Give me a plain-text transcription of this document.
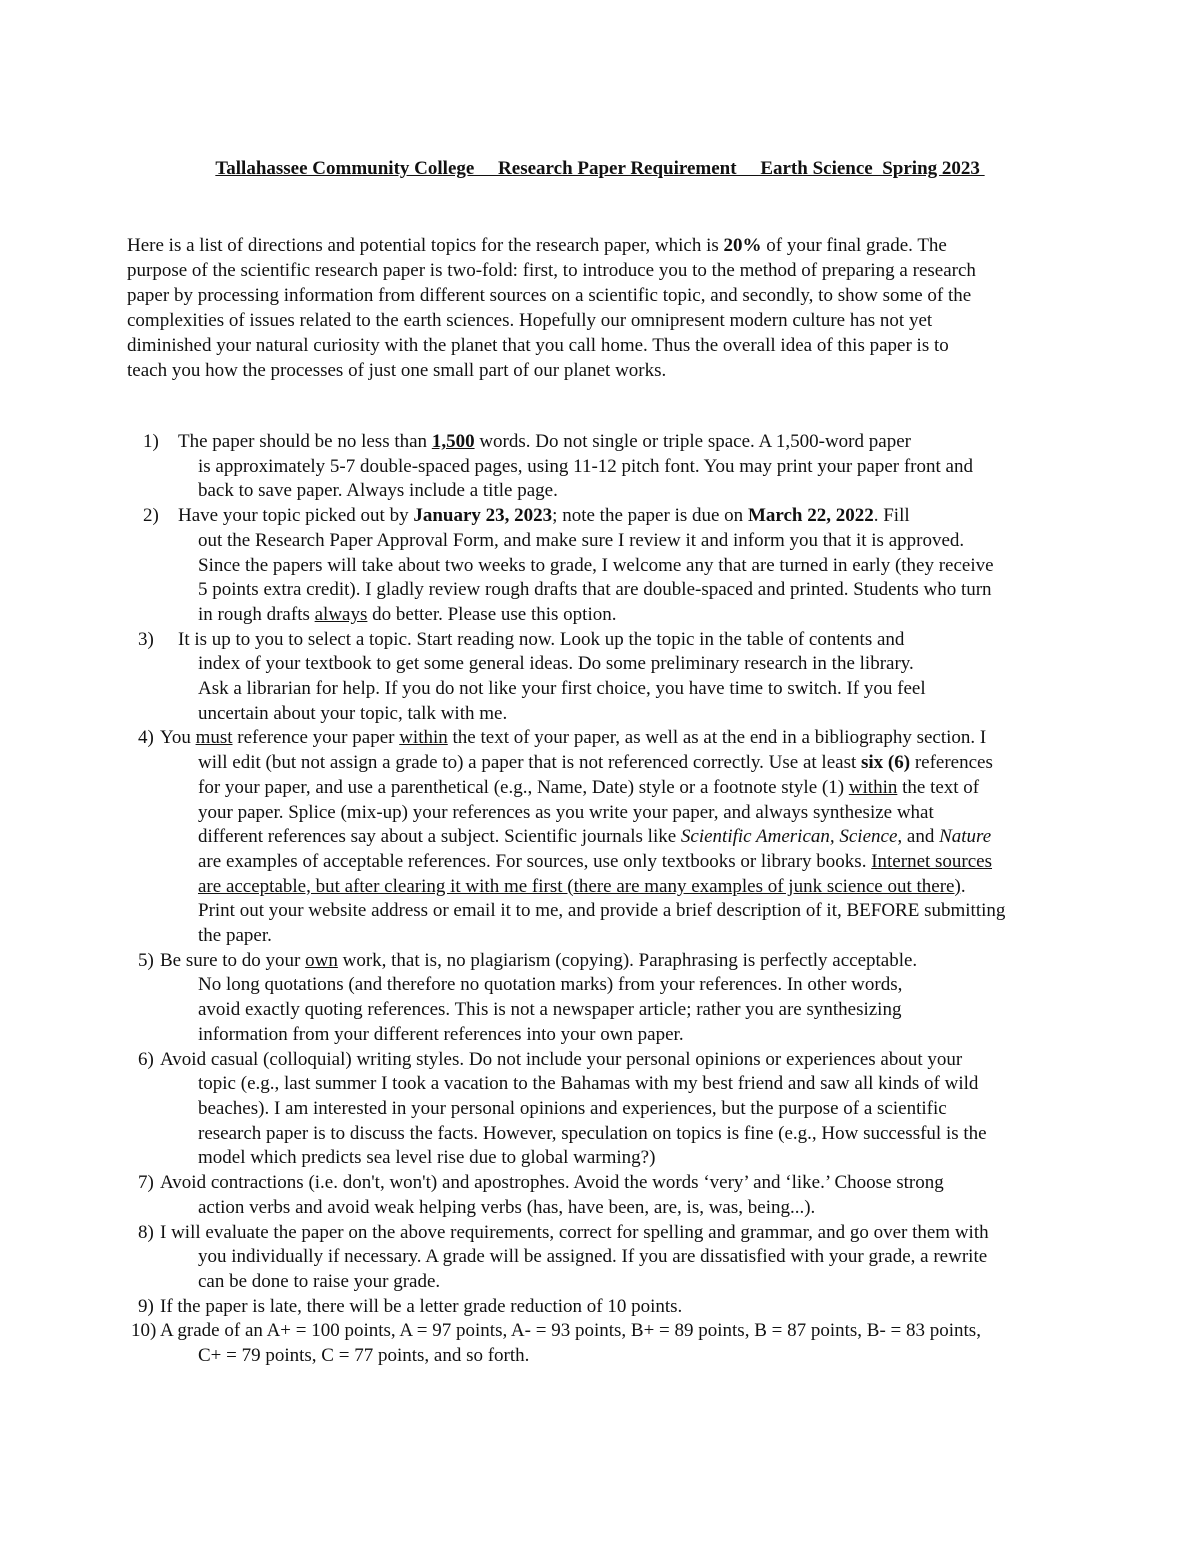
Tallahassee Community College     Research Paper Requirement     Earth Science  Spring 2023
Here is a list of directions and potential topics for the research paper, which is 20% of your final grade. The
purpose of the scientific research paper is two-fold: first, to introduce you to the method of preparing a research
paper by processing information from different sources on a scientific topic, and secondly, to show some of the
complexities of issues related to the earth sciences. Hopefully our omnipresent modern culture has not yet
diminished your natural curiosity with the planet that you call home. Thus the overall idea of this paper is to
teach you how the processes of just one small part of our planet works.
1)	The paper should be no less than 1,500 words. Do not single or triple space. A 1,500-word paper
is approximately 5-7 double-spaced pages, using 11-12 pitch font. You may print your paper front and
back to save paper. Always include a title page.
2)	Have your topic picked out by January 23, 2023; note the paper is due on March 22, 2022. Fill
out the Research Paper Approval Form, and make sure I review it and inform you that it is approved.
Since the papers will take about two weeks to grade, I welcome any that are turned in early (they receive
5 points extra credit). I gladly review rough drafts that are double-spaced and printed. Students who turn
in rough drafts always do better. Please use this option.
3)	It is up to you to select a topic. Start reading now. Look up the topic in the table of contents and
index of your textbook to get some general ideas. Do some preliminary research in the library.
Ask a librarian for help. If you do not like your first choice, you have time to switch. If you feel
uncertain about your topic, talk with me.
4) You must reference your paper within the text of your paper, as well as at the end in a bibliography section. I
will edit (but not assign a grade to) a paper that is not referenced correctly. Use at least six (6) references
for your paper, and use a parenthetical (e.g., Name, Date) style or a footnote style (1) within the text of
your paper. Splice (mix-up) your references as you write your paper, and always synthesize what
different references say about a subject. Scientific journals like Scientific American, Science, and Nature
are examples of acceptable references. For sources, use only textbooks or library books. Internet sources
are acceptable, but after clearing it with me first (there are many examples of junk science out there).
Print out your website address or email it to me, and provide a brief description of it, BEFORE submitting
the paper.
5) Be sure to do your own work, that is, no plagiarism (copying). Paraphrasing is perfectly acceptable.
No long quotations (and therefore no quotation marks) from your references. In other words,
avoid exactly quoting references. This is not a newspaper article; rather you are synthesizing
information from your different references into your own paper.
6) Avoid casual (colloquial) writing styles. Do not include your personal opinions or experiences about your
topic (e.g., last summer I took a vacation to the Bahamas with my best friend and saw all kinds of wild
beaches). I am interested in your personal opinions and experiences, but the purpose of a scientific
research paper is to discuss the facts. However, speculation on topics is fine (e.g., How successful is the
model which predicts sea level rise due to global warming?)
7) Avoid contractions (i.e. don't, won't) and apostrophes. Avoid the words ‘very’ and ‘like.’ Choose strong
action verbs and avoid weak helping verbs (has, have been, are, is, was, being...).
8) I will evaluate the paper on the above requirements, correct for spelling and grammar, and go over them with
you individually if necessary. A grade will be assigned. If you are dissatisfied with your grade, a rewrite
can be done to raise your grade.
9) If the paper is late, there will be a letter grade reduction of 10 points.
10) A grade of an A+ = 100 points, A = 97 points, A- = 93 points, B+ = 89 points, B = 87 points, B- = 83 points,
C+ = 79 points, C = 77 points, and so forth.
